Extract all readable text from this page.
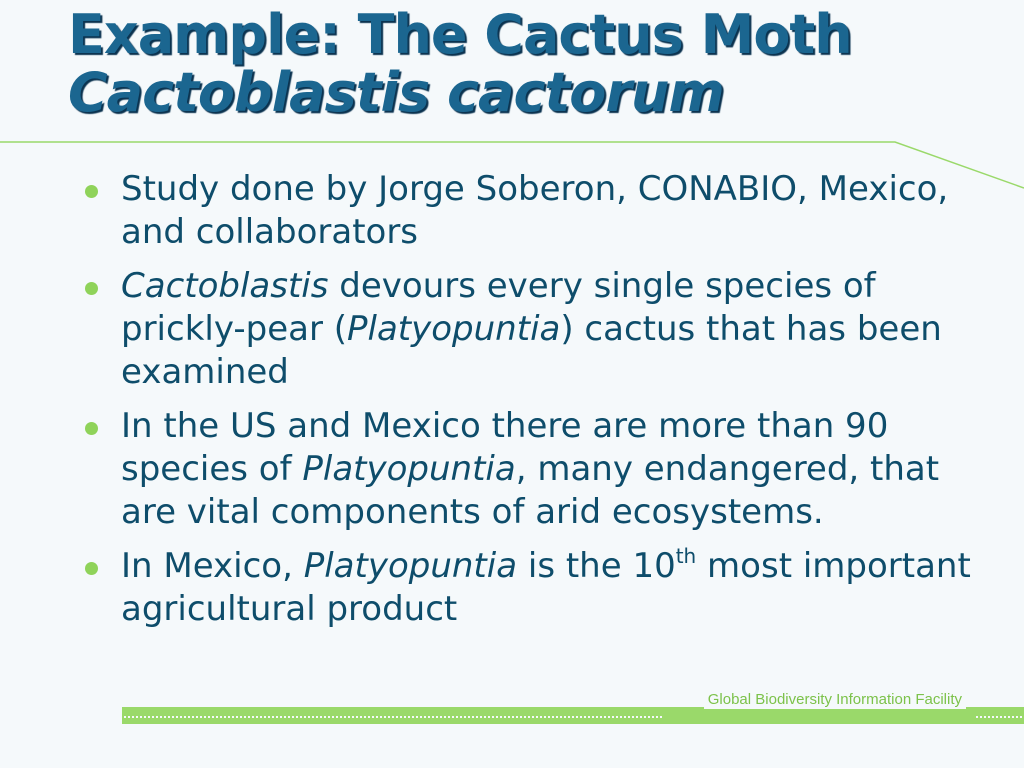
Example: The Cactus Moth
Cactoblastis cactorum
Study done by Jorge Soberon, CONABIO, Mexico, and collaborators
Cactoblastis devours every single species of prickly-pear (Platyopuntia) cactus that has been examined
In the US and Mexico there are more than 90 species of Platyopuntia, many endangered, that are vital components of arid ecosystems.
In Mexico, Platyopuntia is the 10th most important agricultural product
Global Biodiversity Information Facility
